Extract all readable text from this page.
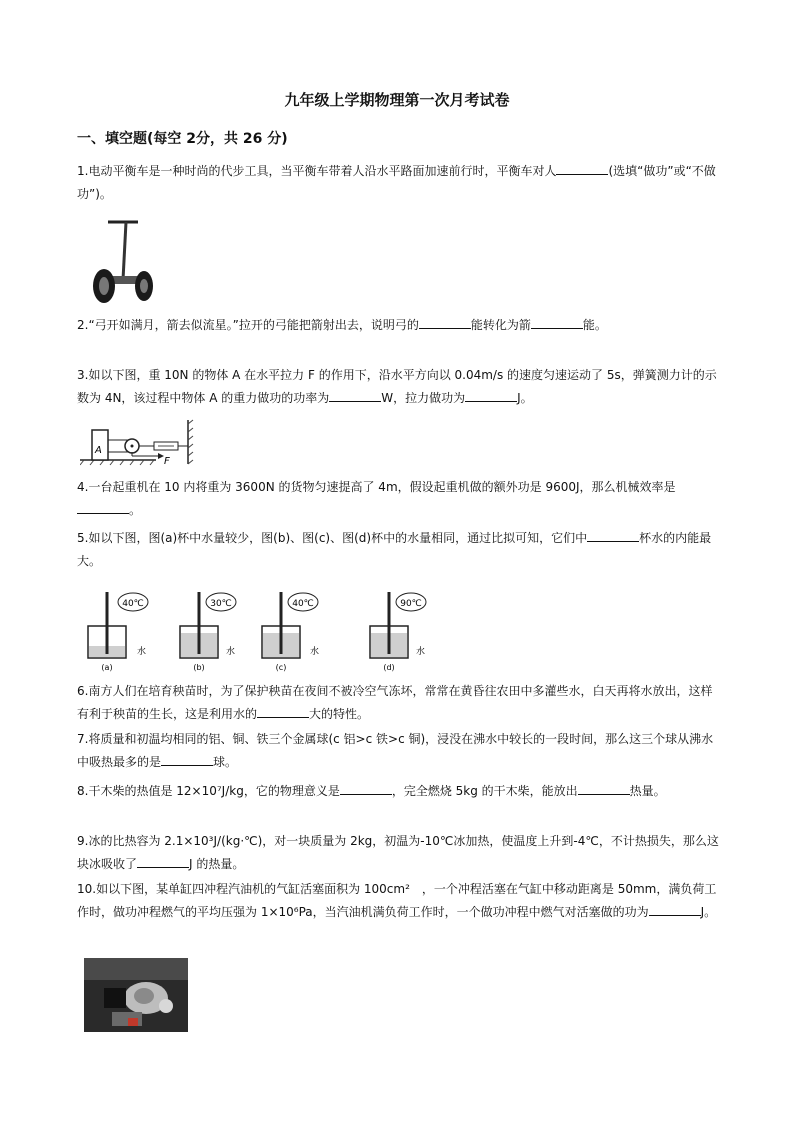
九年级上学期物理第一次月考试卷
一、填空题(每空 2分，共 26 分)
1.电动平衡车是一种时尚的代步工具，当平衡车带着人沿水平路面加速前行时，平衡车对人	(选填“做功”或“不做功”)。
2.“弓开如满月，箭去似流星。”拉开的弓能把箭射出去，说明弓的	能转化为箭	能。
3.如以下图，重 10N 的物体 A 在水平拉力 F 的作用下，沿水平方向以 0.04m/s 的速度匀速运动了 5s，弹簧测力计的示数为 4N，该过程中物体 A 的重力做功的功率为	W，拉力做功为	J。
A
F
4.一台起重机在 10 内将重为 3600N 的货物匀速提高了 4m，假设起重机做的额外功是 9600J，那么机械效率是。
5.如以下图，图(a)杯中水量较少，图(b)、图(c)、图(d)杯中的水量相同，通过比拟可知，它们中	杯水的内能最大。
40℃
水
(a)
30℃
水
(b)
40℃
水
(c)
90℃
水
(d)
6.南方人们在培育秧苗时，为了保护秧苗在夜间不被冷空气冻坏，常常在黄昏往农田中多灌些水，白天再将水放出，这样有利于秧苗的生长，这是利用水的	大的特性。
7.将质量和初温均相同的铝、铜、铁三个金属球(c 铝>c 铁>c 铜)，浸没在沸水中较长的一段时间，那么这三个球从沸水中吸热最多的是	球。
8.干木柴的热值是 12×10⁷J/kg，它的物理意义是	，完全燃烧 5kg 的干木柴，能放出	热量。
9.冰的比热容为 2.1×10³J/(kg·℃)，对一块质量为 2kg，初温为-10℃冰加热，使温度上升到-4℃，不计热损失，那么这块冰吸收了	J 的热量。
10.如以下图，某单缸四冲程汽油机的气缸活塞面积为 100cm²　，一个冲程活塞在气缸中移动距离是 50mm，满负荷工作时，做功冲程燃气的平均压强为 1×10⁶Pa，当汽油机满负荷工作时，一个做功冲程中燃气对活塞做的功为	J。
